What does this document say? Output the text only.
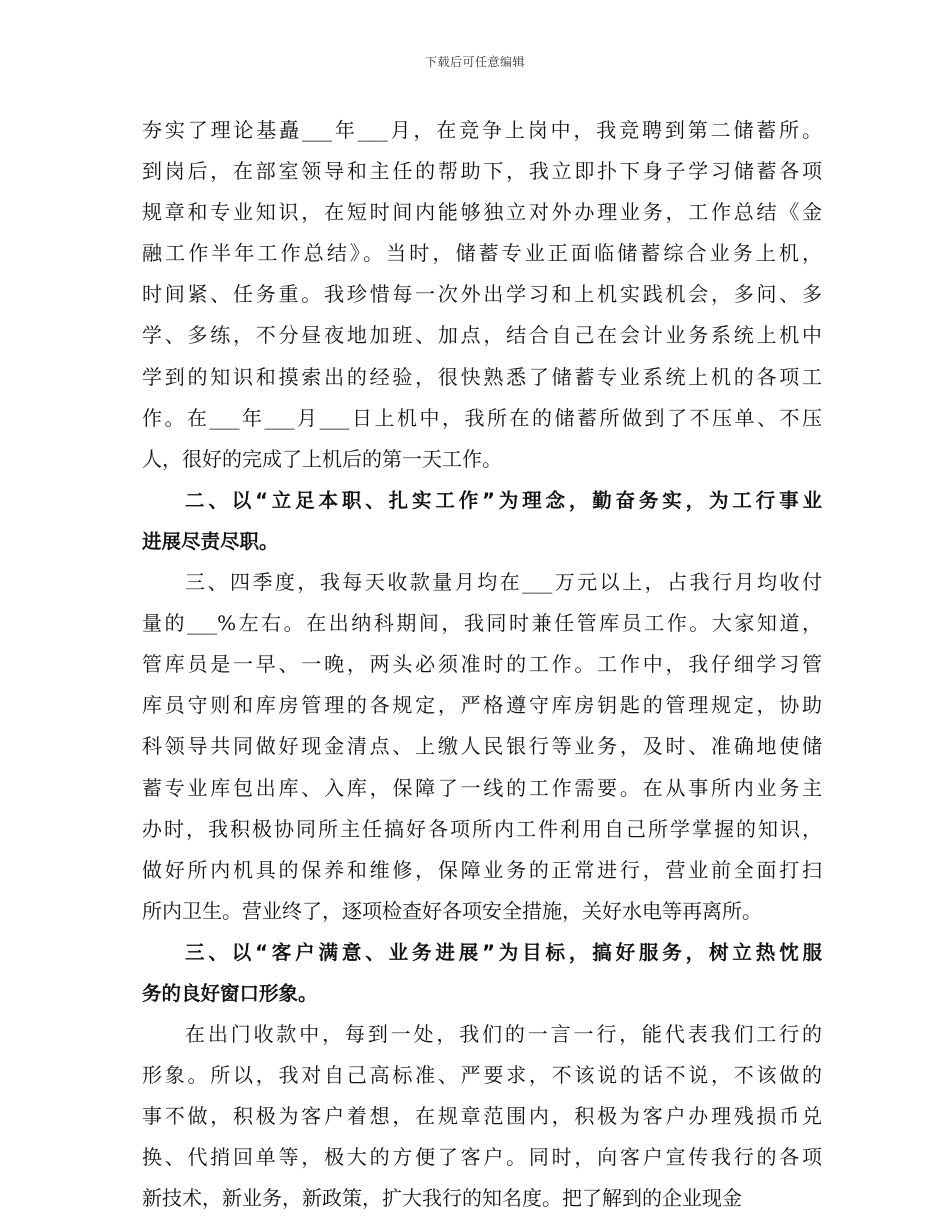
下载后可任意编辑
夯实了理论基矗___年___月，在竞争上岗中，我竞聘到第二储蓄所。
到岗后，在部室领导和主任的帮助下，我立即扑下身子学习储蓄各项
规章和专业知识，在短时间内能够独立对外办理业务，工作总结《金
融工作半年工作总结》。当时，储蓄专业正面临储蓄综合业务上机，
时间紧、任务重。我珍惜每一次外出学习和上机实践机会，多问、多
学、多练，不分昼夜地加班、加点，结合自己在会计业务系统上机中
学到的知识和摸索出的经验，很快熟悉了储蓄专业系统上机的各项工
作。在___年___月___日上机中，我所在的储蓄所做到了不压单、不压
人，很好的完成了上机后的第一天工作。
二、以“立足本职、扎实工作”为理念，勤奋务实，为工行事业
进展尽责尽职。
三、四季度，我每天收款量月均在___万元以上，占我行月均收付
量的___%左右。在出纳科期间，我同时兼任管库员工作。大家知道，
管库员是一早、一晚，两头必须准时的工作。工作中，我仔细学习管
库员守则和库房管理的各规定，严格遵守库房钥匙的管理规定，协助
科领导共同做好现金清点、上缴人民银行等业务，及时、准确地使储
蓄专业库包出库、入库，保障了一线的工作需要。在从事所内业务主
办时，我积极协同所主任搞好各项所内工件利用自己所学掌握的知识，
做好所内机具的保养和维修，保障业务的正常进行，营业前全面打扫
所内卫生。营业终了，逐项检查好各项安全措施，关好水电等再离所。
三、以“客户满意、业务进展”为目标，搞好服务，树立热忱服
务的良好窗口形象。
在出门收款中，每到一处，我们的一言一行，能代表我们工行的
形象。所以，我对自己高标准、严要求，不该说的话不说，不该做的
事不做，积极为客户着想，在规章范围内，积极为客户办理残损币兑
换、代捎回单等，极大的方便了客户。同时，向客户宣传我行的各项
新技术，新业务，新政策，扩大我行的知名度。把了解到的企业现金
